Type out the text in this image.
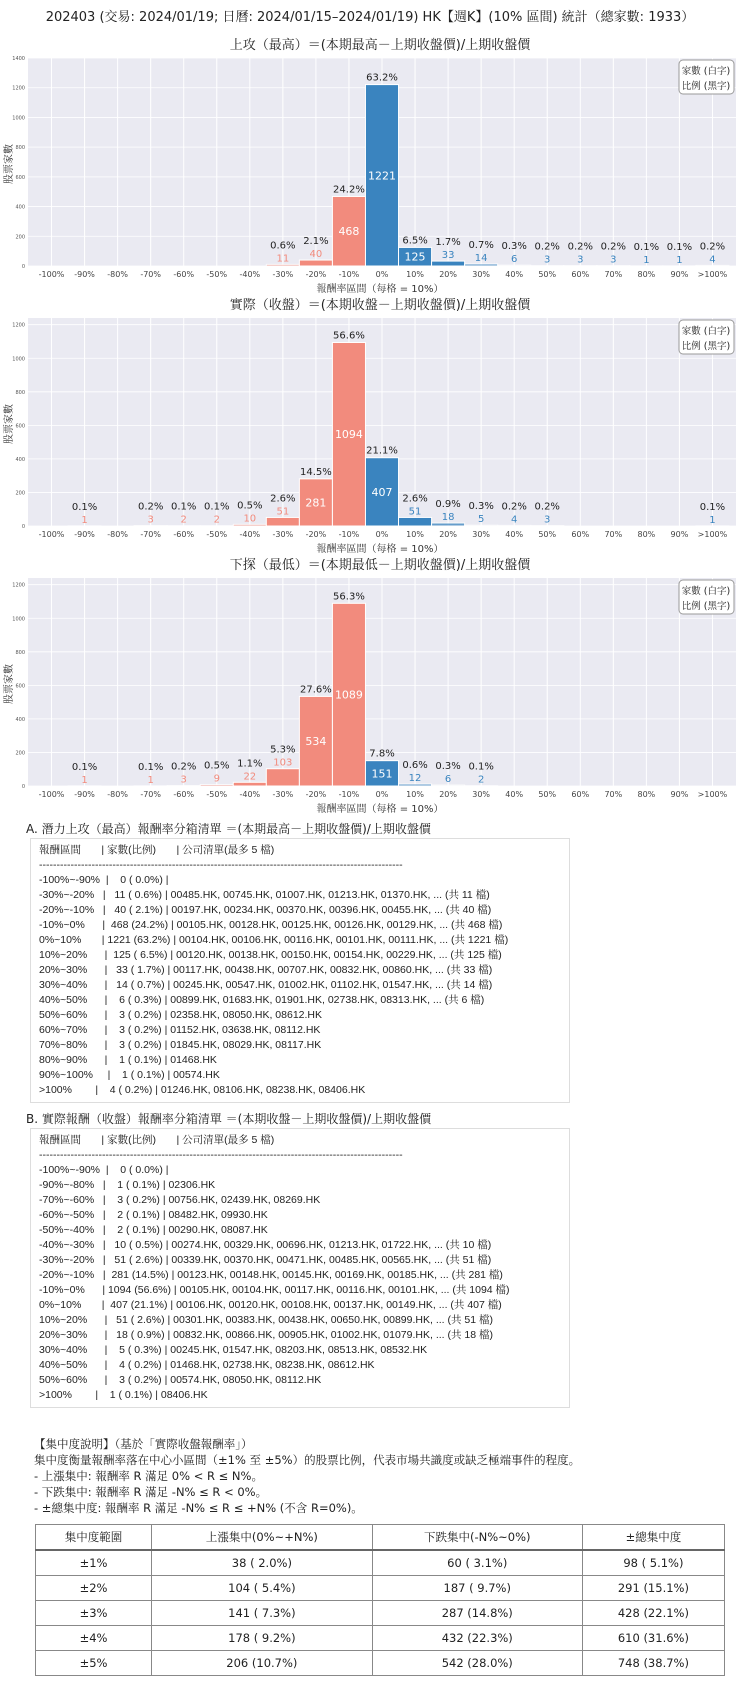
202403 (交易: 2024/01/19; 日曆: 2024/01/15–2024/01/19) HK【週K】(10% 區間) 統計（總家數: 1933）
上攻（最高）＝(本期最高－上期收盤價)/上期收盤價
0
200
400
600
800
1000
1200
1400
-100% -90% -80% -70% -60% -50% -40%
11
0.6%
-30%
40
2.1%
-20%
468
24.2%
-10%
1221
63.2%
0%
125
6.5%
10%
33
1.7%
20%
14
0.7%
30%
6
0.3%
40%
3
0.2%
50%
3
0.2%
60%
3
0.2%
70%
1
0.1%
80%
1
0.1%
90%
4
0.2%
>100%
報酬率區間（每格 = 10%）
股票家數
家數 (白字)
比例 (黑字)
實際（收盤）＝(本期收盤－上期收盤價)/上期收盤價
0
200
400
600
800
1000
1200
-100%
1
0.1%
-90% -80%
3
0.2%
-70%
2
0.1%
-60%
2
0.1%
-50%
10
0.5%
-40%
51
2.6%
-30%
281
14.5%
-20%
1094
56.6%
-10%
407
21.1%
0%
51
2.6%
10%
18
0.9%
20%
5
0.3%
30%
4
0.2%
40%
3
0.2%
50% 60% 70% 80% 90%
1
0.1%
>100%
報酬率區間（每格 = 10%）
股票家數
家數 (白字)
比例 (黑字)
下探（最低）＝(本期最低－上期收盤價)/上期收盤價
0
200
400
600
800
1000
1200
-100%
1
0.1%
-90% -80%
1
0.1%
-70%
3
0.2%
-60%
9
0.5%
-50%
22
1.1%
-40%
103
5.3%
-30%
534
27.6%
-20%
1089
56.3%
-10%
151
7.8%
0%
12
0.6%
10%
6
0.3%
20%
2
0.1%
30% 40% 50% 60% 70% 80% 90% >100%
報酬率區間（每格 = 10%）
股票家數
家數 (白字)
比例 (黑字)
A. 潛力上攻（最高）報酬率分箱清單 ＝(本期最高－上期收盤價)/上期收盤價
報酬區間       | 家數(比例)       | 公司清單(最多 5 檔)
--------------------------------------------------------------------------------------------------------
-100%~-90%  |    0 ( 0.0%) |
-30%~-20%   |   11 ( 0.6%) | 00485.HK, 00745.HK, 01007.HK, 01213.HK, 01370.HK, ... (共 11 檔)
-20%~-10%   |   40 ( 2.1%) | 00197.HK, 00234.HK, 00370.HK, 00396.HK, 00455.HK, ... (共 40 檔)
-10%~0%      |  468 (24.2%) | 00105.HK, 00128.HK, 00125.HK, 00126.HK, 00129.HK, ... (共 468 檔)
0%~10%       | 1221 (63.2%) | 00104.HK, 00106.HK, 00116.HK, 00101.HK, 00111.HK, ... (共 1221 檔)
10%~20%      |  125 ( 6.5%) | 00120.HK, 00138.HK, 00150.HK, 00154.HK, 00229.HK, ... (共 125 檔)
20%~30%      |   33 ( 1.7%) | 00117.HK, 00438.HK, 00707.HK, 00832.HK, 00860.HK, ... (共 33 檔)
30%~40%      |   14 ( 0.7%) | 00245.HK, 00547.HK, 01002.HK, 01102.HK, 01547.HK, ... (共 14 檔)
40%~50%      |    6 ( 0.3%) | 00899.HK, 01683.HK, 01901.HK, 02738.HK, 08313.HK, ... (共 6 檔)
50%~60%      |    3 ( 0.2%) | 02358.HK, 08050.HK, 08612.HK
60%~70%      |    3 ( 0.2%) | 01152.HK, 03638.HK, 08112.HK
70%~80%      |    3 ( 0.2%) | 01845.HK, 08029.HK, 08117.HK
80%~90%      |    1 ( 0.1%) | 01468.HK
90%~100%     |    1 ( 0.1%) | 00574.HK
>100%        |    4 ( 0.2%) | 01246.HK, 08106.HK, 08238.HK, 08406.HK
B. 實際報酬（收盤）報酬率分箱清單 ＝(本期收盤－上期收盤價)/上期收盤價
報酬區間       | 家數(比例)       | 公司清單(最多 5 檔)
--------------------------------------------------------------------------------------------------------
-100%~-90%  |    0 ( 0.0%) |
-90%~-80%   |    1 ( 0.1%) | 02306.HK
-70%~-60%   |    3 ( 0.2%) | 00756.HK, 02439.HK, 08269.HK
-60%~-50%   |    2 ( 0.1%) | 08482.HK, 09930.HK
-50%~-40%   |    2 ( 0.1%) | 00290.HK, 08087.HK
-40%~-30%   |   10 ( 0.5%) | 00274.HK, 00329.HK, 00696.HK, 01213.HK, 01722.HK, ... (共 10 檔)
-30%~-20%   |   51 ( 2.6%) | 00339.HK, 00370.HK, 00471.HK, 00485.HK, 00565.HK, ... (共 51 檔)
-20%~-10%   |  281 (14.5%) | 00123.HK, 00148.HK, 00145.HK, 00169.HK, 00185.HK, ... (共 281 檔)
-10%~0%      | 1094 (56.6%) | 00105.HK, 00104.HK, 00117.HK, 00116.HK, 00101.HK, ... (共 1094 檔)
0%~10%       |  407 (21.1%) | 00106.HK, 00120.HK, 00108.HK, 00137.HK, 00149.HK, ... (共 407 檔)
10%~20%      |   51 ( 2.6%) | 00301.HK, 00383.HK, 00438.HK, 00650.HK, 00899.HK, ... (共 51 檔)
20%~30%      |   18 ( 0.9%) | 00832.HK, 00866.HK, 00905.HK, 01002.HK, 01079.HK, ... (共 18 檔)
30%~40%      |    5 ( 0.3%) | 00245.HK, 01547.HK, 08203.HK, 08513.HK, 08532.HK
40%~50%      |    4 ( 0.2%) | 01468.HK, 02738.HK, 08238.HK, 08612.HK
50%~60%      |    3 ( 0.2%) | 00574.HK, 08050.HK, 08112.HK
>100%        |    1 ( 0.1%) | 08406.HK
【集中度說明】（基於「實際收盤報酬率」）
集中度衡量報酬率落在中心小區間（±1% 至 ±5%）的股票比例，代表市場共識度或缺乏極端事件的程度。
- 上漲集中: 報酬率 R 滿足 0% < R ≤ N%。
- 下跌集中: 報酬率 R 滿足 -N% ≤ R < 0%。
- ±總集中度: 報酬率 R 滿足 -N% ≤ R ≤ +N% (不含 R=0%)。
集中度範圍	上漲集中(0%~+N%)	下跌集中(-N%~0%)	±總集中度
±1%	38 ( 2.0%)	60 ( 3.1%)	98 ( 5.1%)
±2%	104 ( 5.4%)	187 ( 9.7%)	291 (15.1%)
±3%	141 ( 7.3%)	287 (14.8%)	428 (22.1%)
±4%	178 ( 9.2%)	432 (22.3%)	610 (31.6%)
±5%	206 (10.7%)	542 (28.0%)	748 (38.7%)
